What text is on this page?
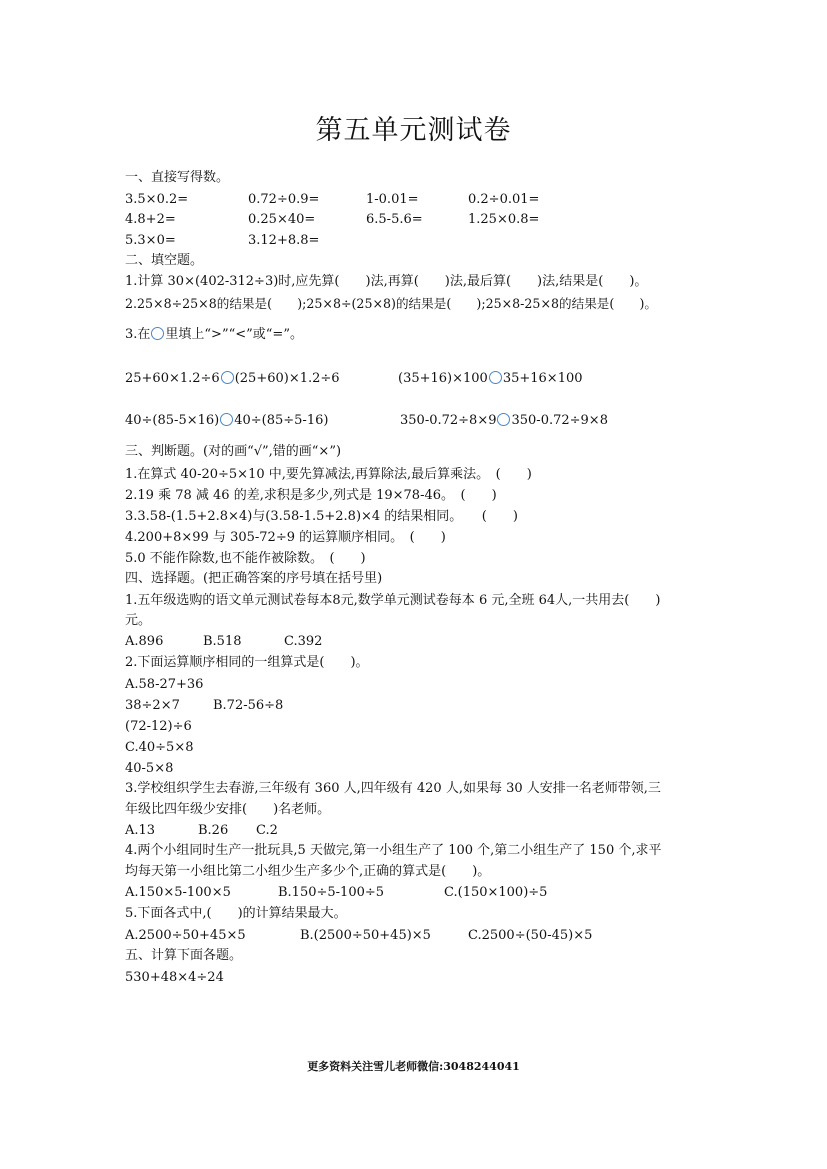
第五单元测试卷
一、直接写得数。
3.5×0.2=	0.72÷0.9=	1-0.01=	0.2÷0.01=
4.8+2=	0.25×40=	6.5-5.6=	1.25×0.8=
5.3×0=	3.12+8.8=
二、填空题。
1.计算 30×(402-312÷3)时,应先算(　　)法,再算(　　)法,最后算(　　)法,结果是(　　)。
2.25×8÷25×8的结果是(　　);25×8÷(25×8)的结果是(　　);25×8-25×8的结果是(　　)。
3.在 里填上“>”“<”或“=”。
25+60×1.2÷6 (25+60)×1.2÷6	(35+16)×100 35+16×100
40÷(85-5×16) 40÷(85÷5-16)	350-0.72÷8×9 350-0.72÷9×8
三、判断题。(对的画“√”,错的画“×”)
1.在算式 40-20÷5×10 中,要先算减法,再算除法,最后算乘法。　(　　)
2.19 乘 78 减 46 的差,求积是多少,列式是 19×78-46。　(　　)
3.3.58-(1.5+2.8×4)与(3.58-1.5+2.8)×4 的结果相同。　　(　　)
4.200+8×99 与 305-72÷9 的运算顺序相同。　(　　)
5.0 不能作除数,也不能作被除数。　(　　)
四、选择题。(把正确答案的序号填在括号里)
1.五年级选购的语文单元测试卷每本8元,数学单元测试卷每本 6 元,全班 64人,一共用去(　　)
元。
A.896	B.518	C.392
2.下面运算顺序相同的一组算式是(　　)。
A.58-27+36
38÷2×7	B.72-56÷8
(72-12)÷6
C.40÷5×8
40-5×8
3.学校组织学生去春游,三年级有 360 人,四年级有 420 人,如果每 30 人安排一名老师带领,三
年级比四年级少安排(　　)名老师。
A.13	B.26 C.2
4.两个小组同时生产一批玩具,5 天做完,第一小组生产了 100 个,第二小组生产了 150 个,求平
均每天第一小组比第二小组少生产多少个,正确的算式是(　　)。
A.150×5-100×5	B.150÷5-100÷5	C.(150×100)÷5
5.下面各式中,(　　)的计算结果最大。
A.2500÷50+45×5	B.(2500÷50+45)×5	C.2500÷(50-45)×5
五、计算下面各题。
530+48×4÷24
更多资料关注雪儿老师微信:3048244041
